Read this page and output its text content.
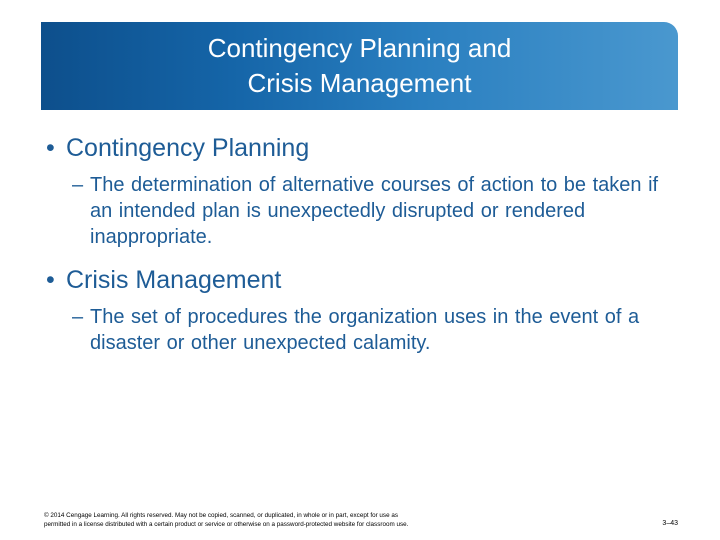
Contingency Planning and
Crisis Management
• Contingency Planning
– The determination of alternative courses of action to be taken if an intended plan is unexpectedly disrupted or rendered inappropriate.
• Crisis Management
– The set of procedures the organization uses in the event of a disaster or other unexpected calamity.
© 2014 Cengage Learning. All rights reserved. May not be copied, scanned, or duplicated, in whole or in part, except for use as
permitted in a license distributed with a certain product or service or otherwise on a password-protected website for classroom use.	3–43
